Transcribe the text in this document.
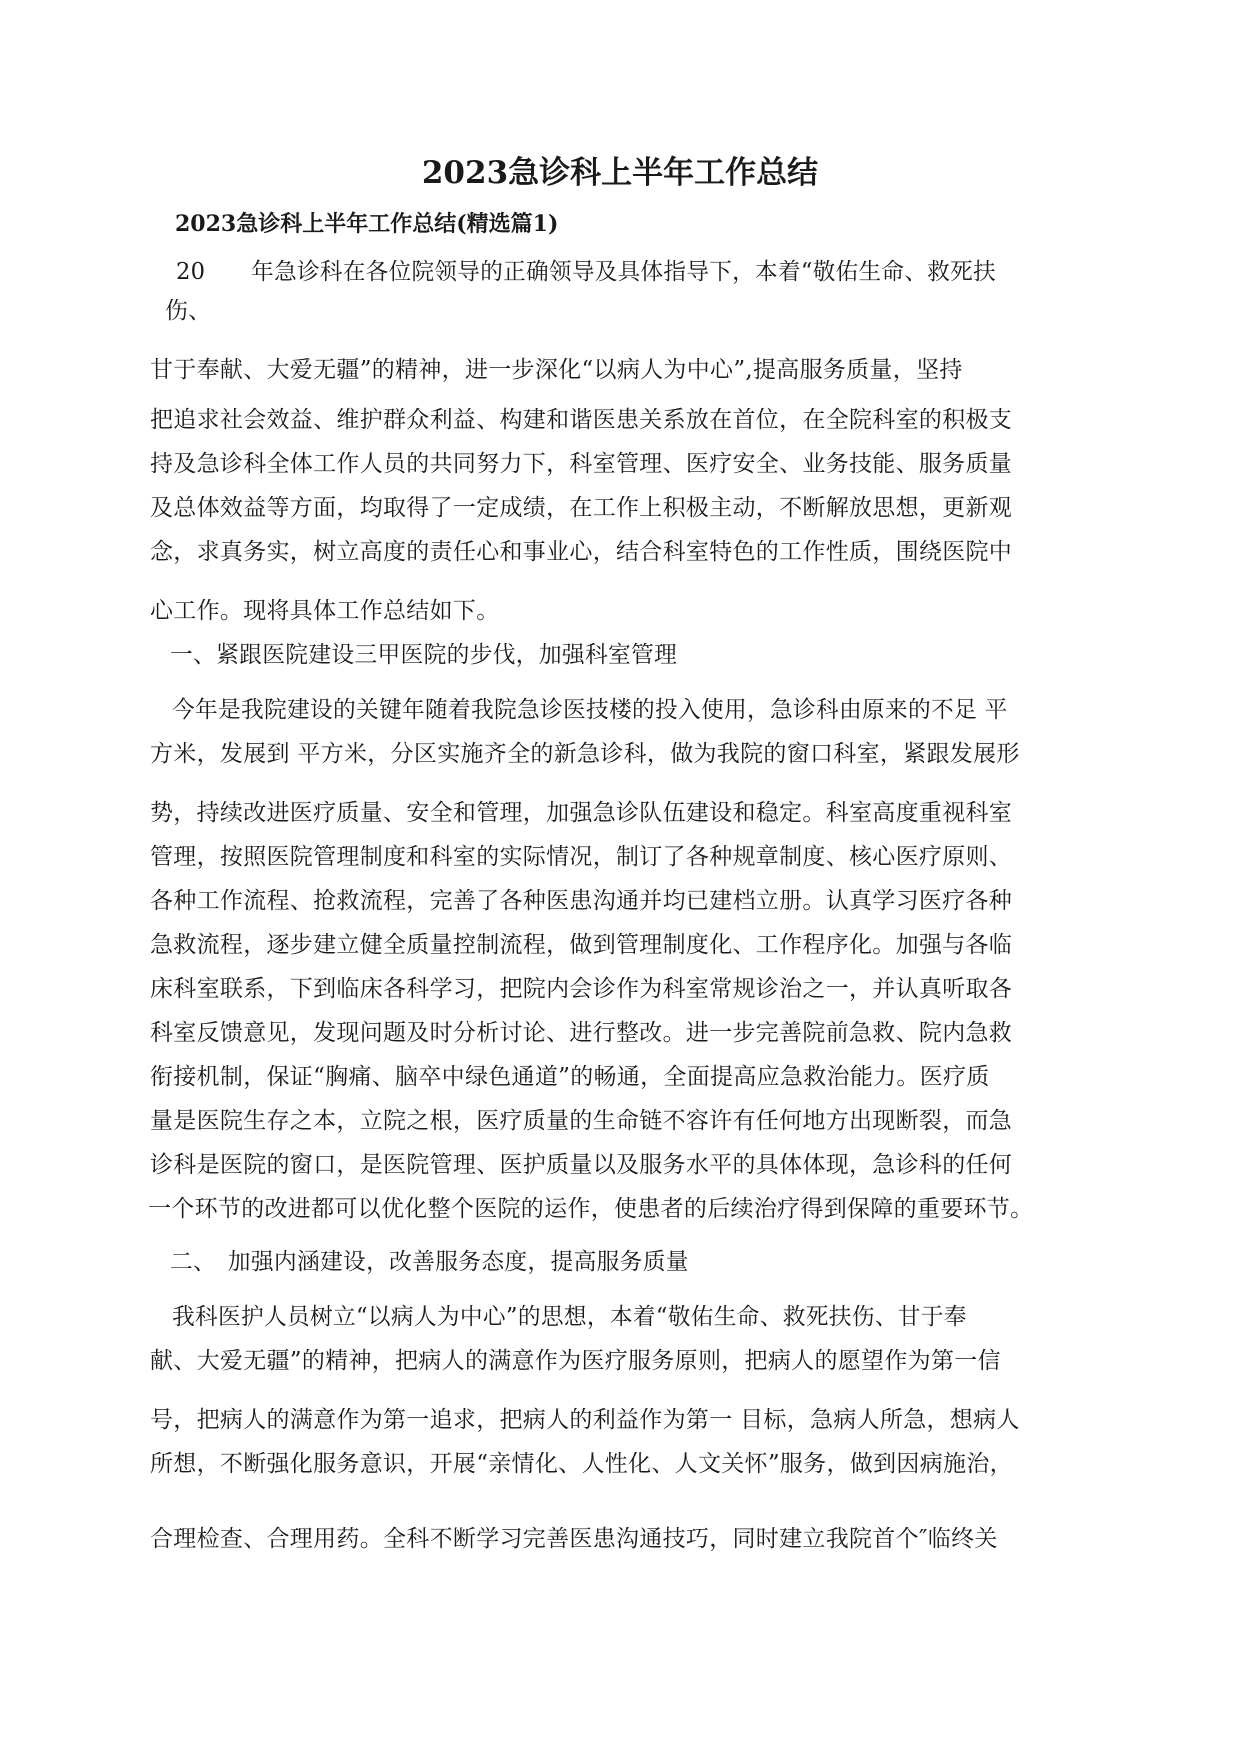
2023急诊科上半年工作总结
2023急诊科上半年工作总结(精选篇1)
20　　年急诊科在各位院领导的正确领导及具体指导下，本着“敬佑生命、救死扶
伤、
甘于奉献、大爱无疆”的精神，进一步深化“以病人为中心”,提高服务质量，坚持
把追求社会效益、维护群众利益、构建和谐医患关系放在首位，在全院科室的积极支
持及急诊科全体工作人员的共同努力下，科室管理、医疗安全、业务技能、服务质量
及总体效益等方面，均取得了一定成绩，在工作上积极主动，不断解放思想，更新观
念，求真务实，树立高度的责任心和事业心，结合科室特色的工作性质，围绕医院中
心工作。现将具体工作总结如下。
一、紧跟医院建设三甲医院的步伐，加强科室管理
今年是我院建设的关键年随着我院急诊医技楼的投入使用，急诊科由原来的不足 平
方米，发展到 平方米，分区实施齐全的新急诊科，做为我院的窗口科室，紧跟发展形
势，持续改进医疗质量、安全和管理，加强急诊队伍建设和稳定。科室高度重视科室
管理，按照医院管理制度和科室的实际情况，制订了各种规章制度、核心医疗原则、
各种工作流程、抢救流程，完善了各种医患沟通并均已建档立册。认真学习医疗各种
急救流程，逐步建立健全质量控制流程，做到管理制度化、工作程序化。加强与各临
床科室联系，下到临床各科学习，把院内会诊作为科室常规诊治之一，并认真听取各
科室反馈意见，发现问题及时分析讨论、进行整改。进一步完善院前急救、院内急救
衔接机制，保证“胸痛、脑卒中绿色通道”的畅通，全面提高应急救治能力。医疗质
量是医院生存之本，立院之根，医疗质量的生命链不容许有任何地方出现断裂，而急
诊科是医院的窗口，是医院管理、医护质量以及服务水平的具体体现，急诊科的任何
一个环节的改进都可以优化整个医院的运作，使患者的后续治疗得到保障的重要环节。
二、　加强内涵建设，改善服务态度，提高服务质量
我科医护人员树立“以病人为中心”的思想，本着“敬佑生命、救死扶伤、甘于奉
献、大爱无疆”的精神，把病人的满意作为医疗服务原则，把病人的愿望作为第一信
号，把病人的满意作为第一追求，把病人的利益作为第一 目标，急病人所急，想病人
所想，不断强化服务意识，开展“亲情化、人性化、人文关怀”服务，做到因病施治，
合理检查、合理用药。全科不断学习完善医患沟通技巧，同时建立我院首个″临终关
